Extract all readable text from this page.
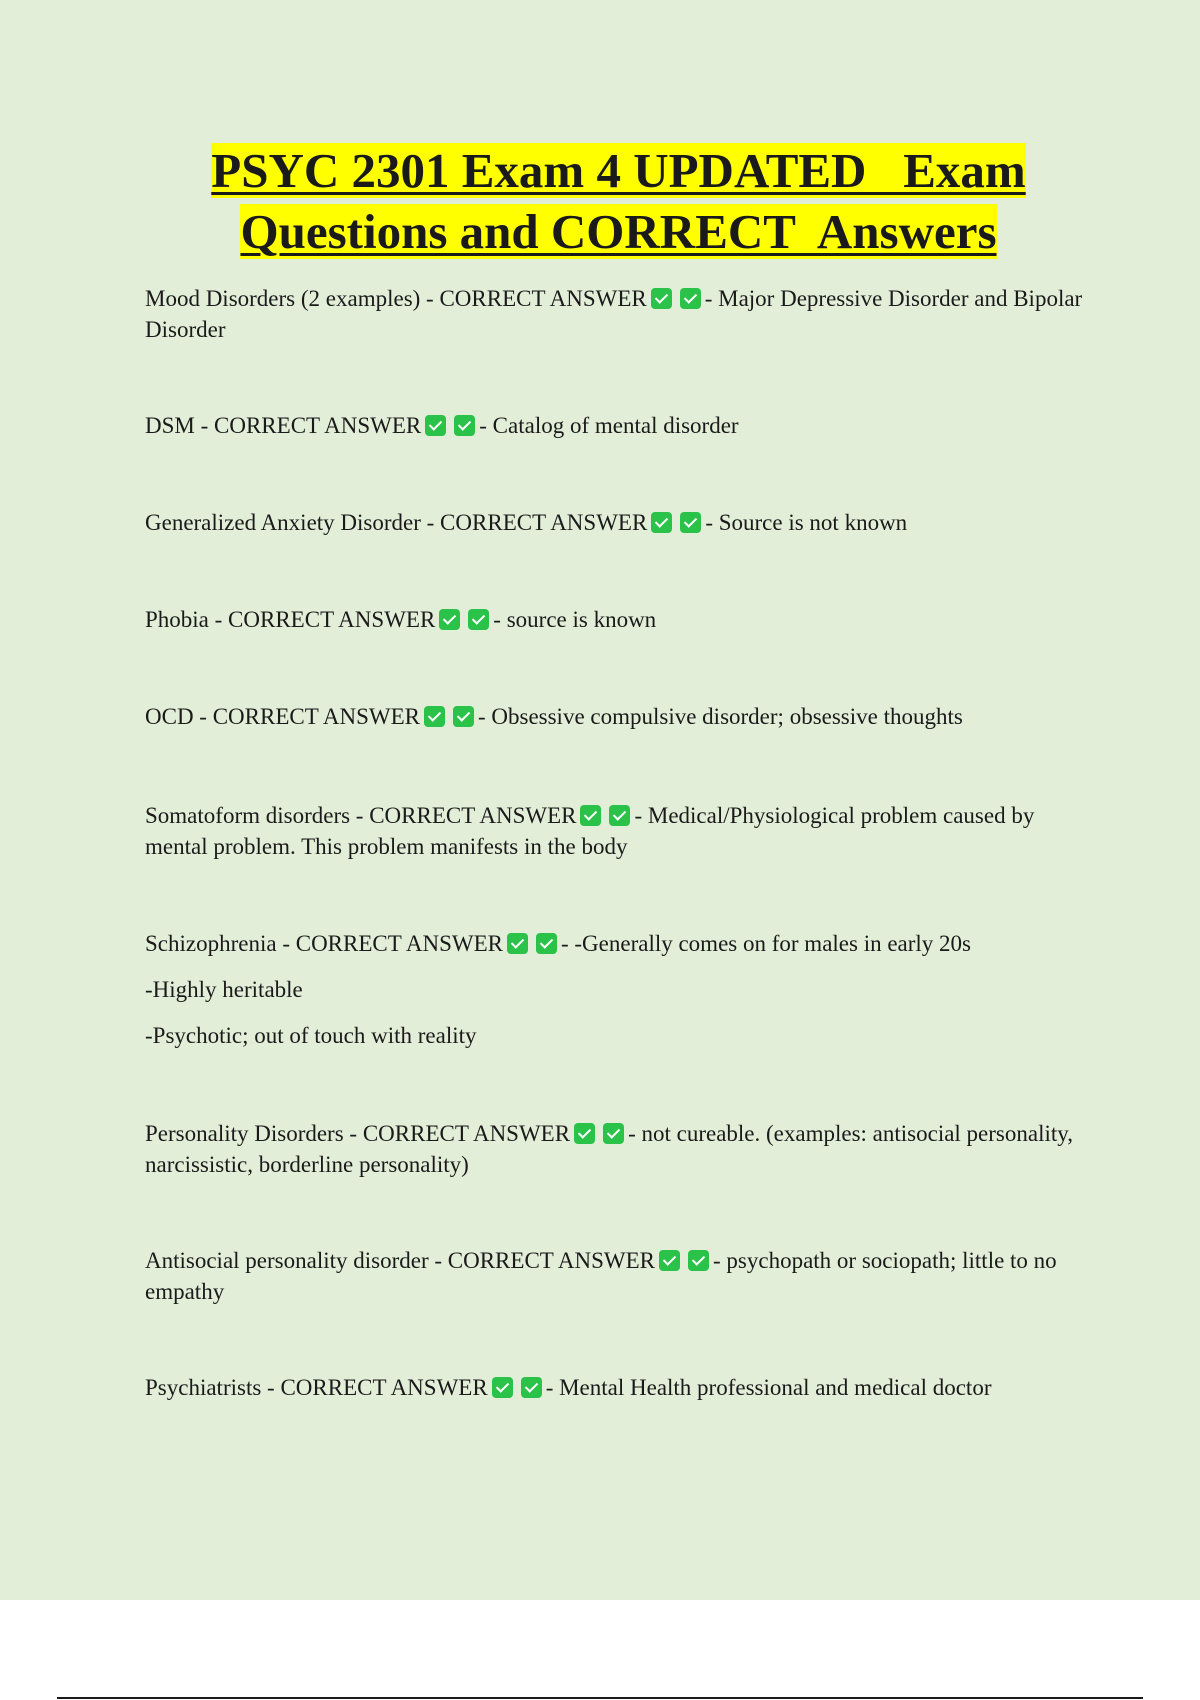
PSYC 2301 Exam 4 UPDATED   Exam
Questions and CORRECT  Answers
Mood Disorders (2 examples) - CORRECT ANSWER	- Major Depressive Disorder and Bipolar Disorder
DSM - CORRECT ANSWER	- Catalog of mental disorder
Generalized Anxiety Disorder - CORRECT ANSWER	- Source is not known
Phobia - CORRECT ANSWER	- source is known
OCD - CORRECT ANSWER	- Obsessive compulsive disorder; obsessive thoughts
Somatoform disorders - CORRECT ANSWER	- Medical/Physiological problem caused by mental problem. This problem manifests in the body
Schizophrenia - CORRECT ANSWER	- -Generally comes on for males in early 20s
-Highly heritable
-Psychotic; out of touch with reality
Personality Disorders - CORRECT ANSWER	- not cureable. (examples: antisocial personality, narcissistic, borderline personality)
Antisocial personality disorder - CORRECT ANSWER	- psychopath or sociopath; little to no empathy
Psychiatrists - CORRECT ANSWER	- Mental Health professional and medical doctor
